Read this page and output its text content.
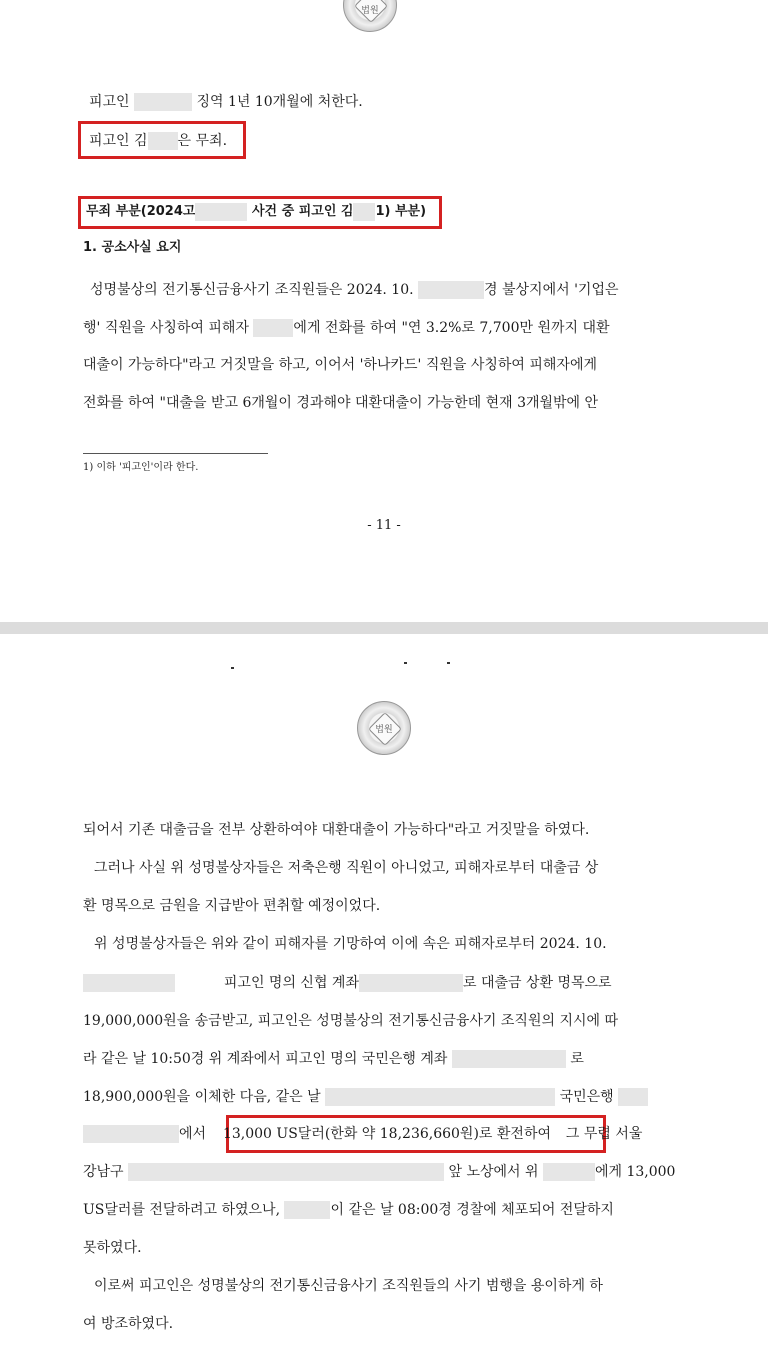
법원
피고인	징역 1년 10개월에 처한다.
피고인 김 은 무죄.
무죄 부분(2024고	사건 중 피고인 김 1) 부분)
1. 공소사실 요지
성명불상의 전기통신금융사기 조직원들은 2024. 10.	경 불상지에서 '기업은
행' 직원을 사칭하여 피해자	에게 전화를 하여 "연 3.2%로 7,700만 원까지 대환
대출이 가능하다"라고 거짓말을 하고, 이어서 '하나카드' 직원을 사칭하여 피해자에게
전화를 하여 "대출을 받고 6개월이 경과해야 대환대출이 가능한데 현재 3개월밖에 안
1) 이하 '피고인'이라 한다.
- 11 -
법원
되어서 기존 대출금을 전부 상환하여야 대환대출이 가능하다"라고 거짓말을 하였다.
그러나 사실 위 성명불상자들은 저축은행 직원이 아니었고, 피해자로부터 대출금 상
환 명목으로 금원을 지급받아 편취할 예정이었다.
위 성명불상자들은 위와 같이 피해자를 기망하여 이에 속은 피해자로부터 2024. 10.
피고인 명의 신협 계좌	로 대출금 상환 명목으로
19,000,000원을 송금받고, 피고인은 성명불상의 전기통신금융사기 조직원의 지시에 따
라 같은 날 10:50경 위 계좌에서 피고인 명의 국민은행 계좌	로
18,900,000원을 이체한 다음, 같은 날	국민은행
에서 13,000 US달러(한화 약 18,236,660원)로 환전하여 그 무렵 서울
강남구	앞 노상에서 위	에게 13,000
US달러를 전달하려고 하였으나,	이 같은 날 08:00경 경찰에 체포되어 전달하지
못하였다.
이로써 피고인은 성명불상의 전기통신금융사기 조직원들의 사기 범행을 용이하게 하
여 방조하였다.
